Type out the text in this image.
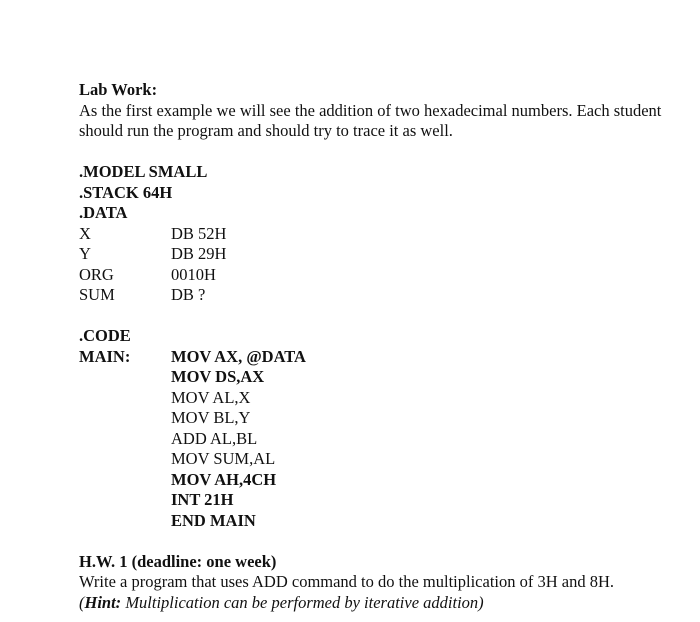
Lab Work:
As the first example we will see the addition of two hexadecimal numbers. Each student should run the program and should try to trace it as well.
.MODEL SMALL
.STACK 64H
.DATA
X	DB 52H
Y	DB 29H
ORG	0010H
SUM	DB ?
.CODE
MAIN:	MOV AX, @DATA
MOV DS,AX
MOV AL,X
MOV BL,Y
ADD AL,BL
MOV SUM,AL
MOV AH,4CH
INT 21H
END MAIN
H.W. 1 (deadline: one week)
Write a program that uses ADD command to do the multiplication of 3H and 8H.
(Hint: Multiplication can be performed by iterative addition)
